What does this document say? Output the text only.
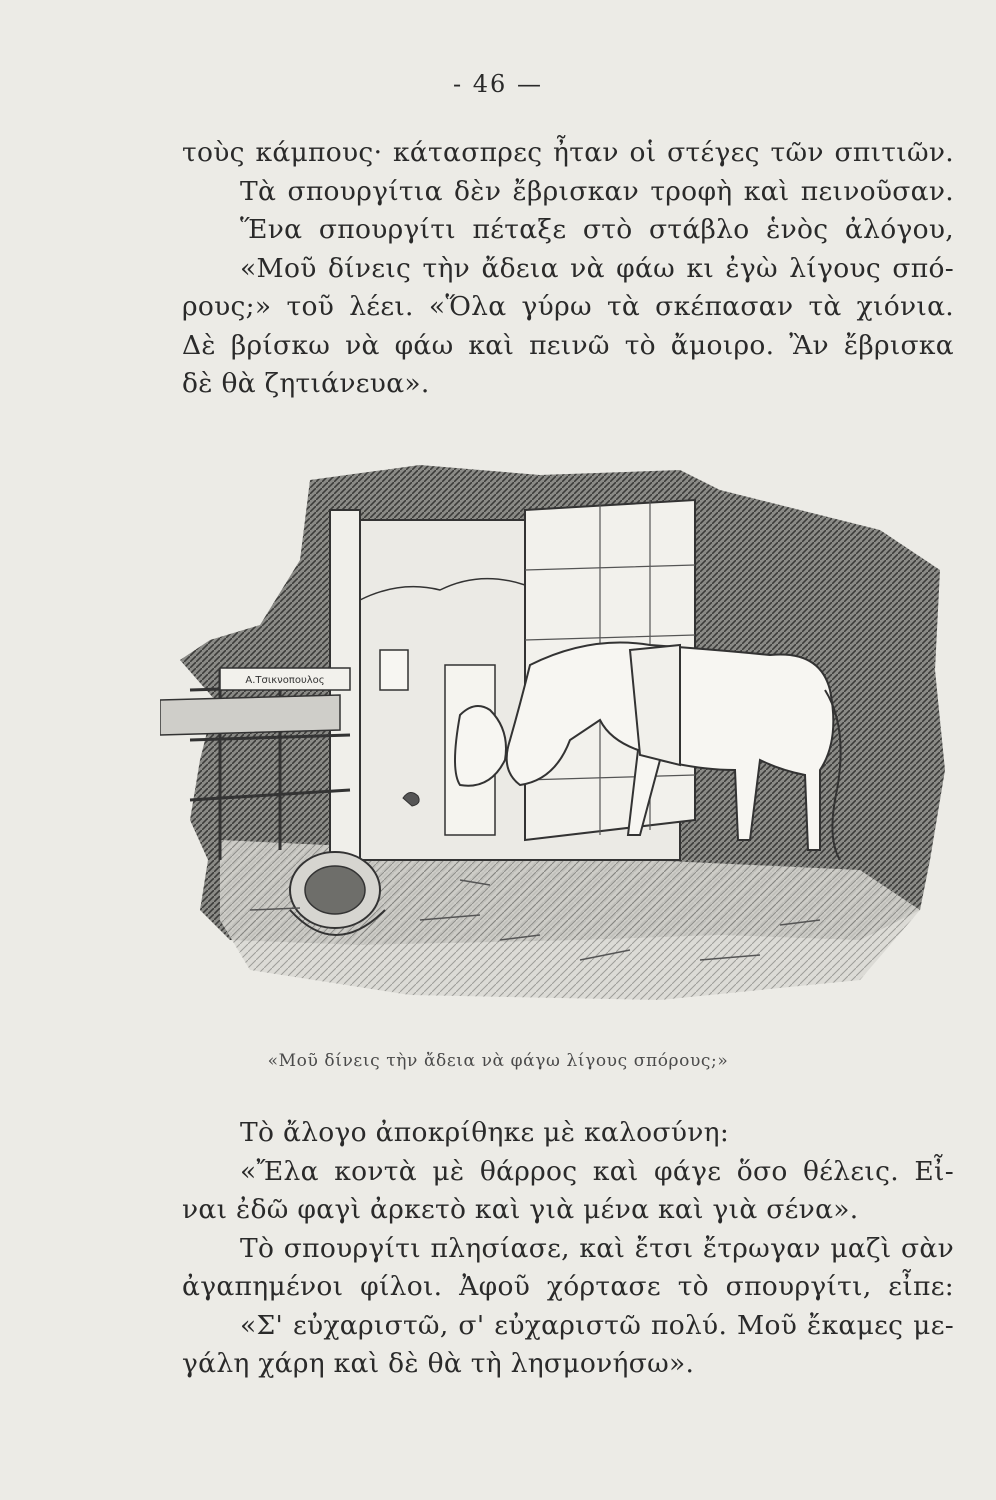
- 46 —
τοὺς κάμπους· κάτασπρες ἦταν οἱ στέγες τῶν σπιτιῶν.
Τὰ σπουργίτια δὲν ἔβρισκαν τροφὴ καὶ πεινοῦσαν.
Ἕνα σπουργίτι πέταξε στὸ στάβλο ἑνὸς ἀλόγου,
«Μοῦ δίνεις τὴν ἄδεια νὰ φάω κι ἐγὼ λίγους σπό-
ρους;» τοῦ λέει. «Ὅλα γύρω τὰ σκέπασαν τὰ χιόνια.
Δὲ βρίσκω νὰ φάω καὶ πεινῶ τὸ ἄμοιρο. Ἂν ἔβρισκα
δὲ θὰ ζητιάνευα».
Α.Τσικνοπουλος
«Μοῦ δίνεις τὴν ἄδεια νὰ φάγω λίγους σπόρους;»
Τὸ ἄλογο ἀποκρίθηκε μὲ καλοσύνη:
«Ἔλα κοντὰ μὲ θάρρος καὶ φάγε ὅσο θέλεις. Εἶ-
ναι ἐδῶ φαγὶ ἀρκετὸ καὶ γιὰ μένα καὶ γιὰ σένα».
Τὸ σπουργίτι πλησίασε, καὶ ἔτσι ἔτρωγαν μαζὶ σὰν
ἀγαπημένοι φίλοι. Ἀφοῦ χόρτασε τὸ σπουργίτι, εἶπε:
«Σ' εὐχαριστῶ, σ' εὐχαριστῶ πολύ. Μοῦ ἔκαμες με-
γάλη χάρη καὶ δὲ θὰ τὴ λησμονήσω».
